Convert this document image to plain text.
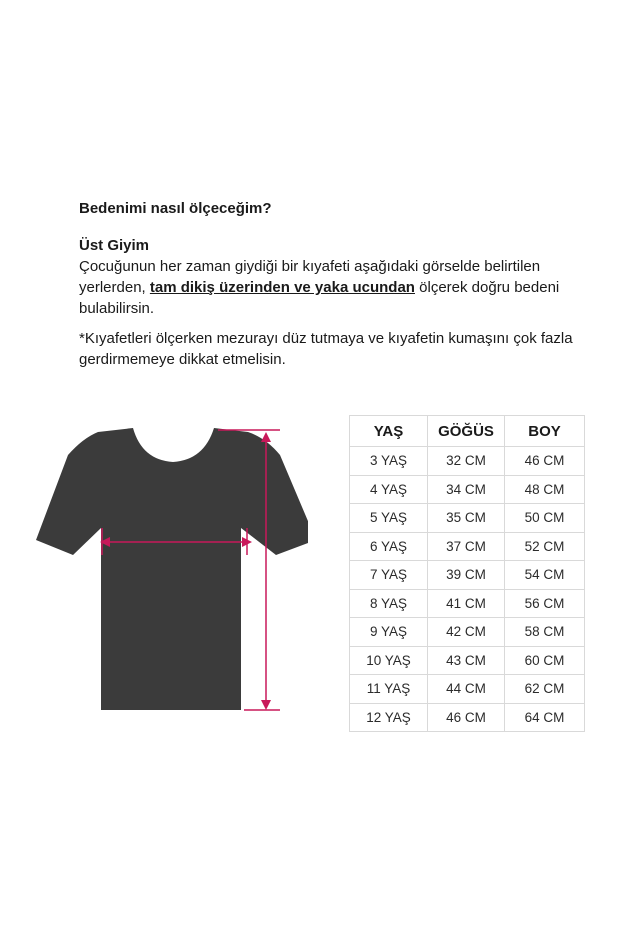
Bedenimi nasıl ölçeceğim?
Üst Giyim
Çocuğunun her zaman giydiği bir kıyafeti aşağıdaki görselde belirtilen yerlerden, tam dikiş üzerinden ve yaka ucundan ölçerek doğru bedeni bulabilirsin.
*Kıyafetleri ölçerken mezurayı düz tutmaya ve kıyafetin kumaşını çok fazla gerdirmemeye dikkat etmelisin.
YAŞ	GÖĞÜS	BOY
3 YAŞ	32 CM	46 CM
4 YAŞ	34 CM	48 CM
5 YAŞ	35 CM	50 CM
6 YAŞ	37 CM	52 CM
7 YAŞ	39 CM	54 CM
8 YAŞ	41 CM	56 CM
9 YAŞ	42 CM	58 CM
10 YAŞ	43 CM	60 CM
11 YAŞ	44 CM	62 CM
12 YAŞ	46 CM	64 CM
